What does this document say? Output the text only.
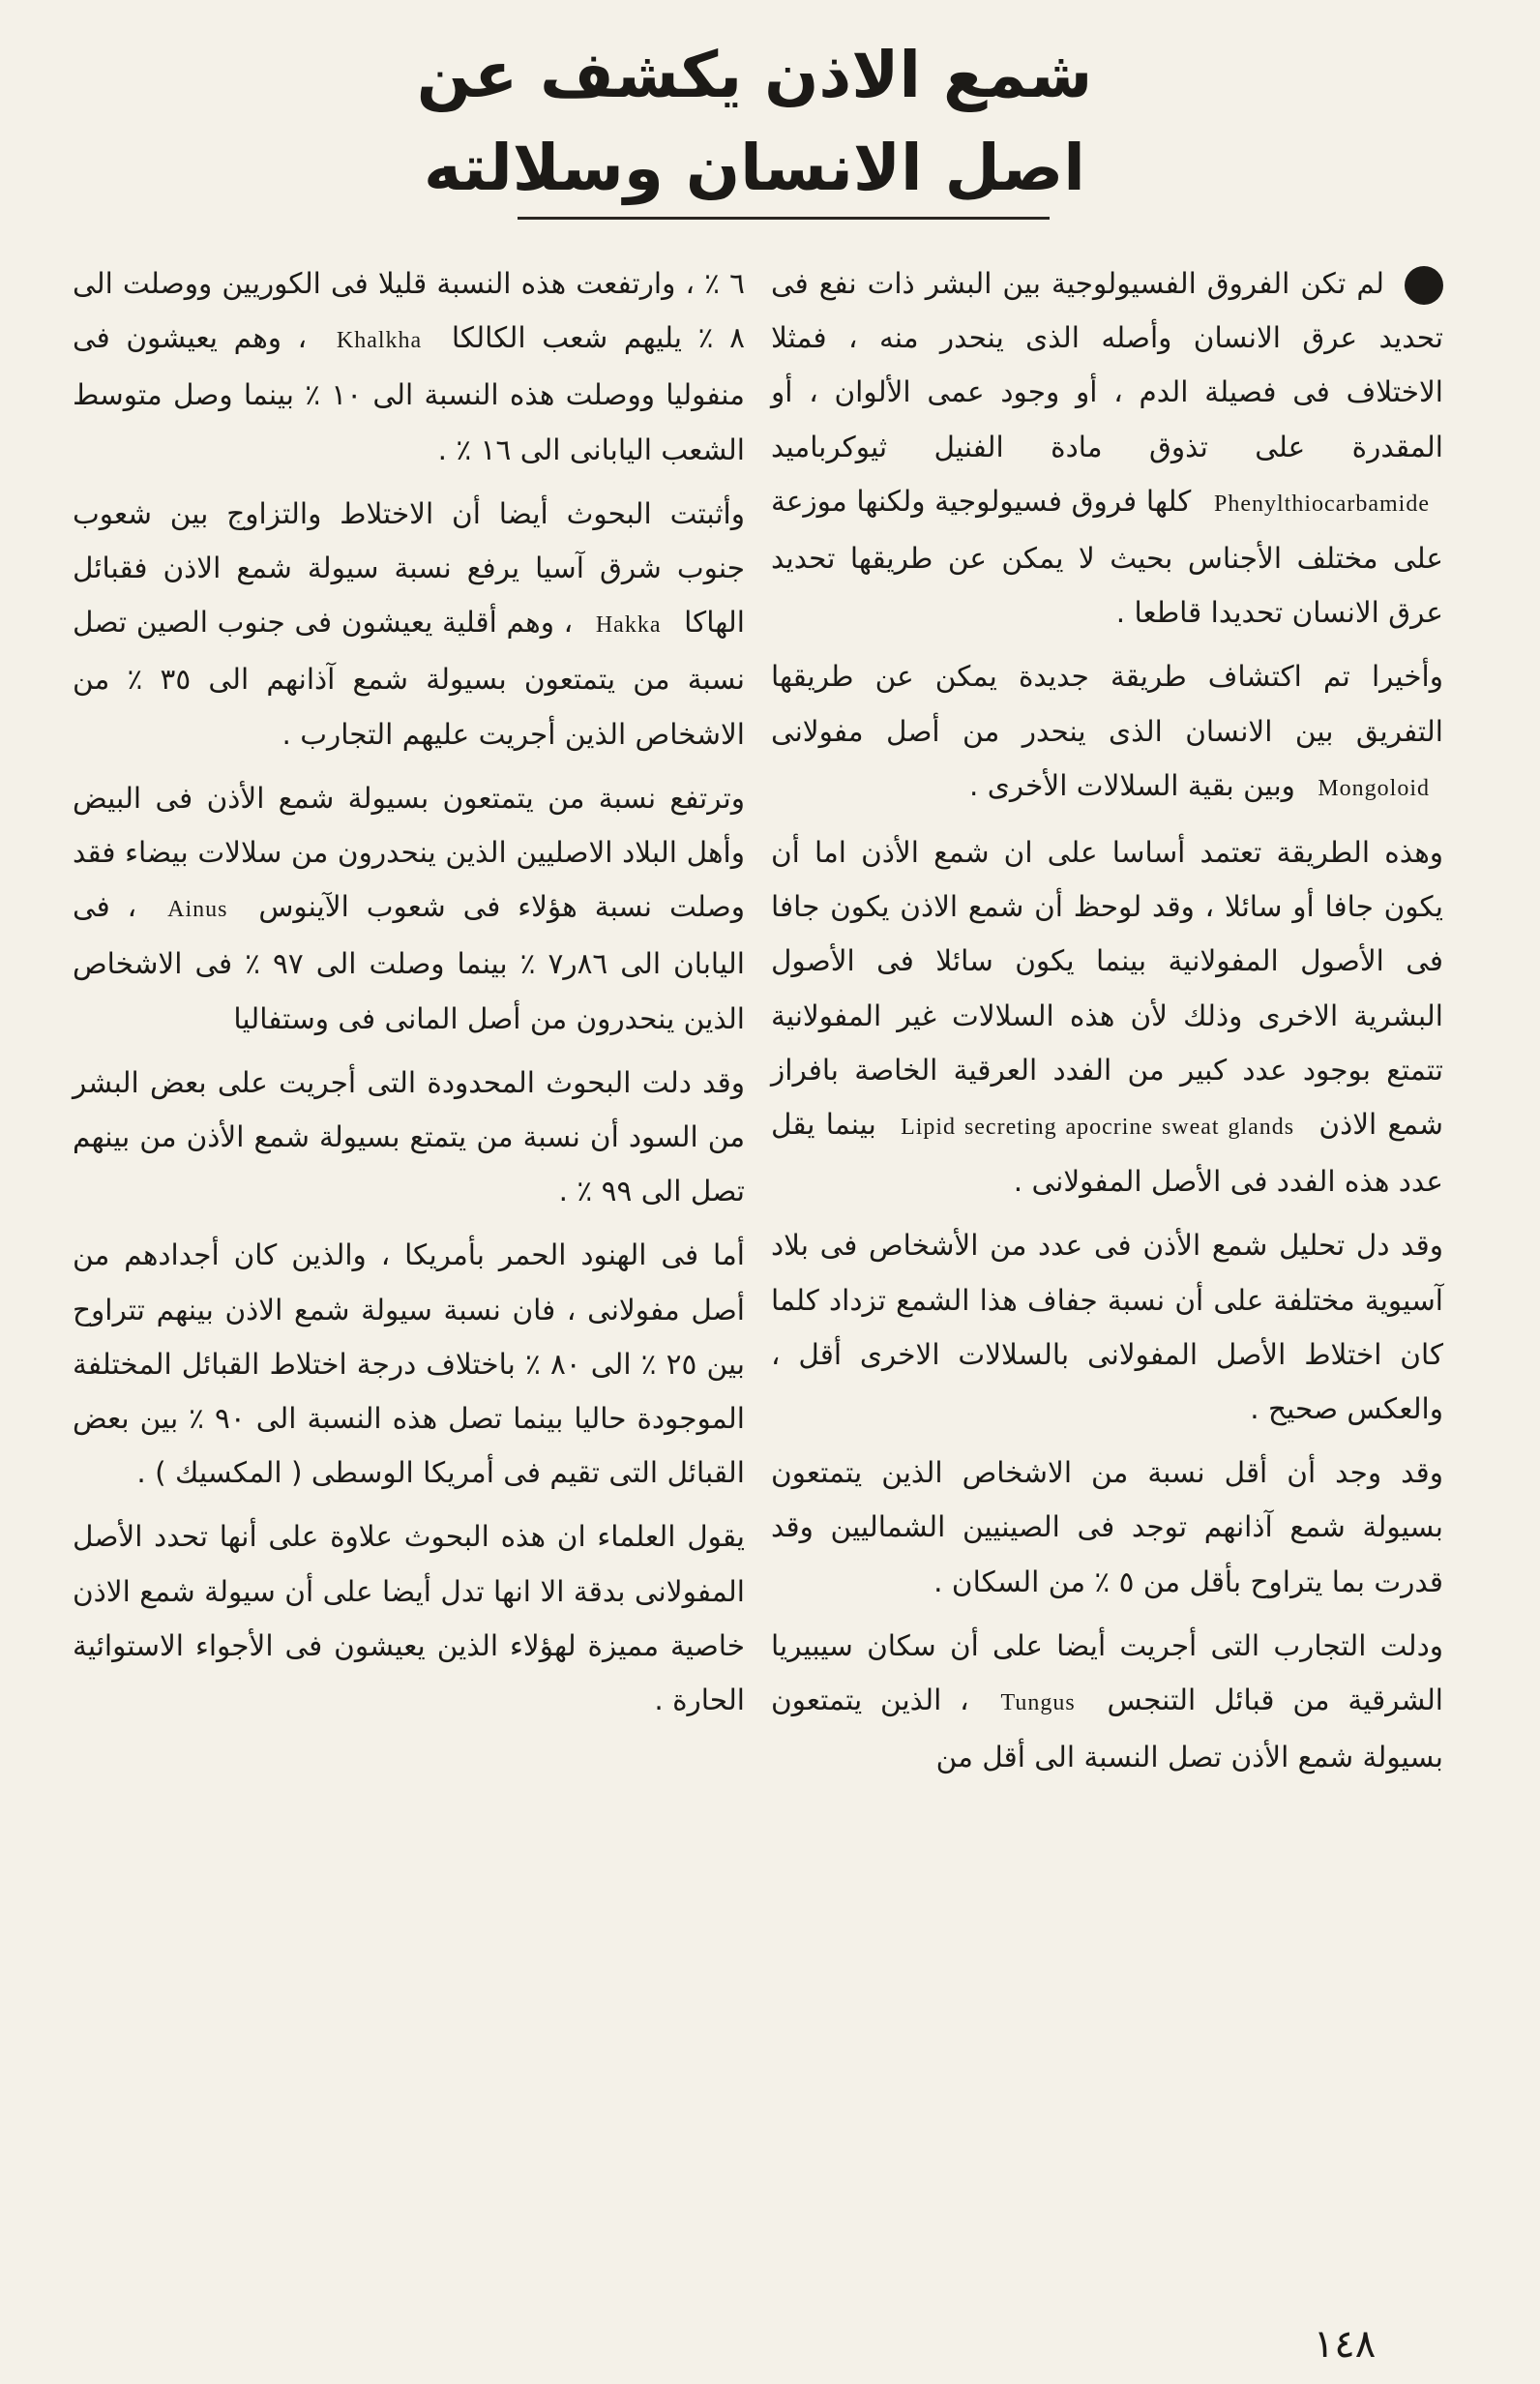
شمع الاذن يكشف عن
اصل الانسان وسلالته

لم تكن الفروق الفسيولوجية بين البشر ذات نفع فى تحديد عرق الانسان وأصله الذى ينحدر منه ، فمثلا الاختلاف فى فصيلة الدم ، أو وجود عمى الألوان ، أو المقدرة على تذوق مادة الفنيل ثيوكرباميد Phenylthiocarbamide كلها فروق فسيولوجية ولكنها موزعة على مختلف الأجناس بحيث لا يمكن عن طريقها تحديد عرق الانسان تحديدا قاطعا .

وأخيرا تم اكتشاف طريقة جديدة يمكن عن طريقها التفريق بين الانسان الذى ينحدر من أصل مفولانى Mongoloid وبين بقية السلالات الأخرى .

وهذه الطريقة تعتمد أساسا على ان شمع الأذن اما أن يكون جافا أو سائلا ، وقد لوحظ أن شمع الاذن يكون جافا فى الأصول المفولانية بينما يكون سائلا فى الأصول البشرية الاخرى وذلك لأن هذه السلالات غير المفولانية تتمتع بوجود عدد كبير من الفدد العرقية الخاصة بافراز شمع الاذن Lipid secreting apocrine sweat glands بينما يقل عدد هذه الفدد فى الأصل المفولانى .

وقد دل تحليل شمع الأذن فى عدد من الأشخاص فى بلاد آسيوية مختلفة على أن نسبة جفاف هذا الشمع تزداد كلما كان اختلاط الأصل المفولانى بالسلالات الاخرى أقل ، والعكس صحيح .

وقد وجد أن أقل نسبة من الاشخاص الذين يتمتعون بسيولة شمع آذانهم توجد فى الصينيين الشماليين وقد قدرت بما يتراوح بأقل من ٥ ٪ من السكان .

ودلت التجارب التى أجريت أيضا على أن سكان سيبيريا الشرقية من قبائل التنجس Tungus ، الذين يتمتعون بسيولة شمع الأذن تصل النسبة الى أقل من

٦ ٪ ، وارتفعت هذه النسبة قليلا فى الكوريين ووصلت الى ٨ ٪ يليهم شعب الكالكا Khalkha ، وهم يعيشون فى منفوليا ووصلت هذه النسبة الى ١٠ ٪ بينما وصل متوسط الشعب اليابانى الى ١٦ ٪ .

وأثبتت البحوث أيضا أن الاختلاط والتزاوج بين شعوب جنوب شرق آسيا يرفع نسبة سيولة شمع الاذن فقبائل الهاكا Hakka ، وهم أقلية يعيشون فى جنوب الصين تصل نسبة من يتمتعون بسيولة شمع آذانهم الى ٣٥ ٪ من الاشخاص الذين أجريت عليهم التجارب .

وترتفع نسبة من يتمتعون بسيولة شمع الأذن فى البيض وأهل البلاد الاصليين الذين ينحدرون من سلالات بيضاء فقد وصلت نسبة هؤلاء فى شعوب الآينوس Ainus ، فى اليابان الى ٨٦ر٧ ٪ بينما وصلت الى ٩٧ ٪ فى الاشخاص الذين ينحدرون من أصل المانى فى وستفاليا

وقد دلت البحوث المحدودة التى أجريت على بعض البشر من السود أن نسبة من يتمتع بسيولة شمع الأذن من بينهم تصل الى ٩٩ ٪ .

أما فى الهنود الحمر بأمريكا ، والذين كان أجدادهم من أصل مفولانى ، فان نسبة سيولة شمع الاذن بينهم تتراوح بين ٢٥ ٪ الى ٨٠ ٪ باختلاف درجة اختلاط القبائل المختلفة الموجودة حاليا بينما تصل هذه النسبة الى ٩٠ ٪ بين بعض القبائل التى تقيم فى أمريكا الوسطى ( المكسيك ) .

يقول العلماء ان هذه البحوث علاوة على أنها تحدد الأصل المفولانى بدقة الا انها تدل أيضا على أن سيولة شمع الاذن خاصية مميزة لهؤلاء الذين يعيشون فى الأجواء الاستوائية الحارة .

١٤٨
